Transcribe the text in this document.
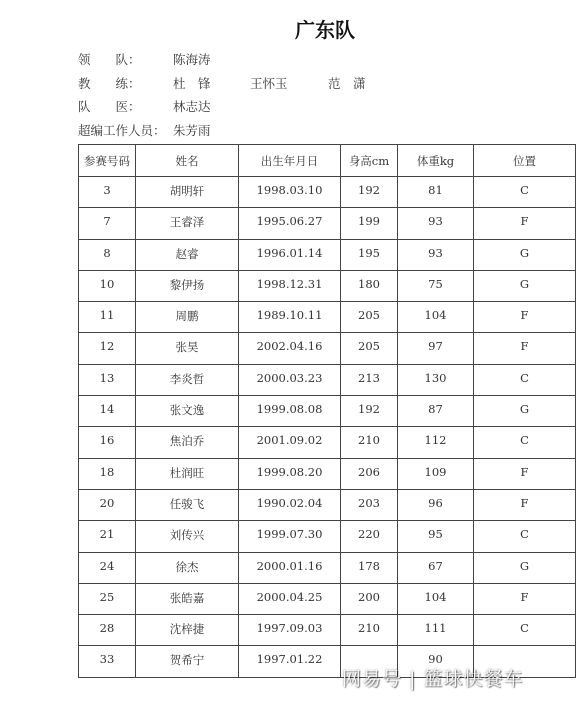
广东队
领　　队：	陈海涛
教　　练：	杜　锋	王怀玉	范　潇
队　　医：	林志达
超编工作人员： 朱芳雨
参赛号码	姓名	出生年月日	身高cm	体重kg	位置
3	胡明轩	1998.03.10	192	81	C
7	王睿泽	1995.06.27	199	93	F
8	赵睿	1996.01.14	195	93	G
10	黎伊扬	1998.12.31	180	75	G
11	周鹏	1989.10.11	205	104	F
12	张昊	2002.04.16	205	97	F
13	李炎哲	2000.03.23	213	130	C
14	张文逸	1999.08.08	192	87	G
16	焦泊乔	2001.09.02	210	112	C
18	杜润旺	1999.08.20	206	109	F
20	任骏飞	1990.02.04	203	96	F
21	刘传兴	1999.07.30	220	95	C
24	徐杰	2000.01.16	178	67	G
25	张皓嘉	2000.04.25	200	104	F
28	沈梓捷	1997.09.03	210	111	C
33	贺希宁	1997.01.22		90	
网易号 | 篮球快餐车
